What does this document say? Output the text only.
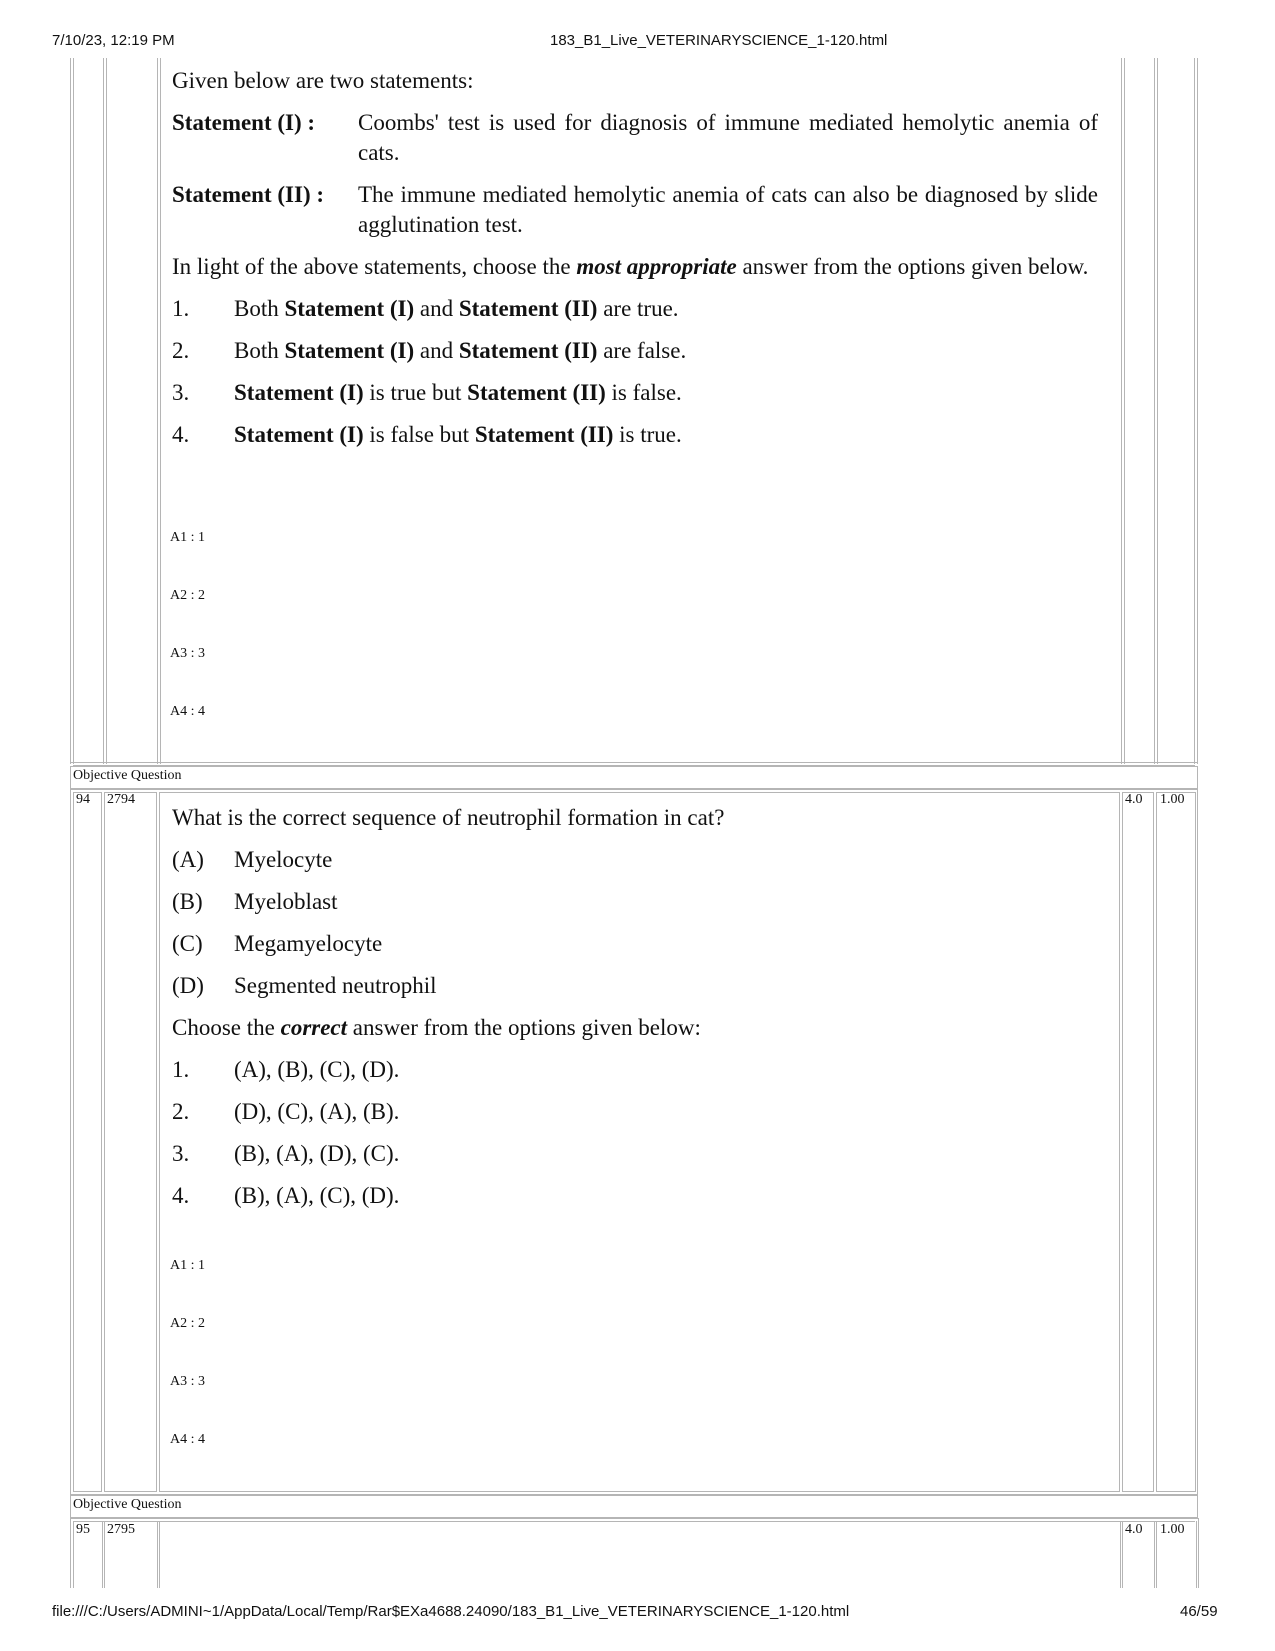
7/10/23, 12:19 PM	183_B1_Live_VETERINARYSCIENCE_1-120.html

Given below are two statements:

Statement (I) :	Coombs' test is used for diagnosis of immune mediated hemolytic anemia of cats.
Statement (II) :	The immune mediated hemolytic anemia of cats can also be diagnosed by slide agglutination test.

In light of the above statements, choose the most appropriate answer from the options given below.

1.	Both Statement (I) and Statement (II) are true.
2.	Both Statement (I) and Statement (II) are false.
3.	Statement (I) is true but Statement (II) is false.
4.	Statement (I) is false but Statement (II) is true.
A1 : 1
A2 : 2
A3 : 3
A4 : 4
Objective Question
94 2794	4.0 1.00

What is the correct sequence of neutrophil formation in cat?

(A)	Myelocyte
(B)	Myeloblast
(C)	Megamyelocyte
(D)	Segmented neutrophil

Choose the correct answer from the options given below:

1.	(A), (B), (C), (D).
2.	(D), (C), (A), (B).
3.	(B), (A), (D), (C).
4.	(B), (A), (C), (D).
A1 : 1
A2 : 2
A3 : 3
A4 : 4
Objective Question
95 2795	4.0 1.00
file:///C:/Users/ADMINI~1/AppData/Local/Temp/Rar$EXa4688.24090/183_B1_Live_VETERINARYSCIENCE_1-120.html	46/59
